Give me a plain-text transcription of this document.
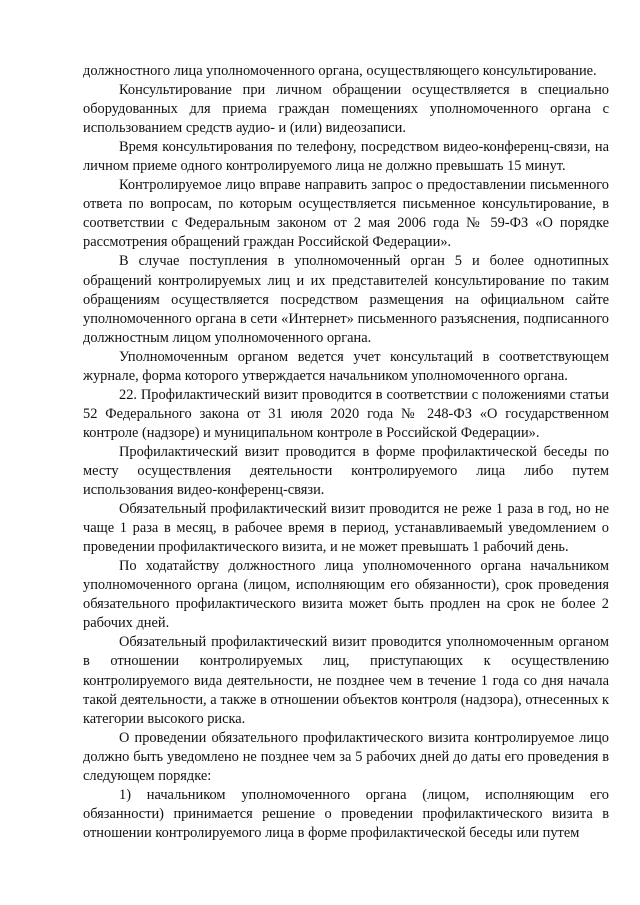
должностного лица уполномоченного органа, осуществляющего консультирование.

Консультирование при личном обращении осуществляется в специально оборудованных для приема граждан помещениях уполномоченного органа с использованием средств аудио- и (или) видеозаписи.

Время консультирования по телефону, посредством видео-конференц-связи, на личном приеме одного контролируемого лица не должно превышать 15 минут.

Контролируемое лицо вправе направить запрос о предоставлении письменного ответа по вопросам, по которым осуществляется письменное консультирование, в соответствии с Федеральным законом от 2 мая 2006 года № 59-ФЗ «О порядке рассмотрения обращений граждан Российской Федерации».

В случае поступления в уполномоченный орган 5 и более однотипных обращений контролируемых лиц и их представителей консультирование по таким обращениям осуществляется посредством размещения на официальном сайте уполномоченного органа в сети «Интернет» письменного разъяснения, подписанного должностным лицом уполномоченного органа.

Уполномоченным органом ведется учет консультаций в соответствующем журнале, форма которого утверждается начальником уполномоченного органа.

22. Профилактический визит проводится в соответствии с положениями статьи 52 Федерального закона от 31 июля 2020 года № 248-ФЗ «О государственном контроле (надзоре) и муниципальном контроле в Российской Федерации».

Профилактический визит проводится в форме профилактической беседы по месту осуществления деятельности контролируемого лица либо путем использования видео-конференц-связи.

Обязательный профилактический визит проводится не реже 1 раза в год, но не чаще 1 раза в месяц, в рабочее время в период, устанавливаемый уведомлением о проведении профилактического визита, и не может превышать 1 рабочий день.

По ходатайству должностного лица уполномоченного органа начальником уполномоченного органа (лицом, исполняющим его обязанности), срок проведения обязательного профилактического визита может быть продлен на срок не более 2 рабочих дней.

Обязательный профилактический визит проводится уполномоченным органом в отношении контролируемых лиц, приступающих к осуществлению контролируемого вида деятельности, не позднее чем в течение 1 года со дня начала такой деятельности, а также в отношении объектов контроля (надзора), отнесенных к категории высокого риска.

О проведении обязательного профилактического визита контролируемое лицо должно быть уведомлено не позднее чем за 5 рабочих дней до даты его проведения в следующем порядке:

1) начальником уполномоченного органа (лицом, исполняющим его обязанности) принимается решение о проведении профилактического визита в отношении контролируемого лица в форме профилактической беседы или путем
